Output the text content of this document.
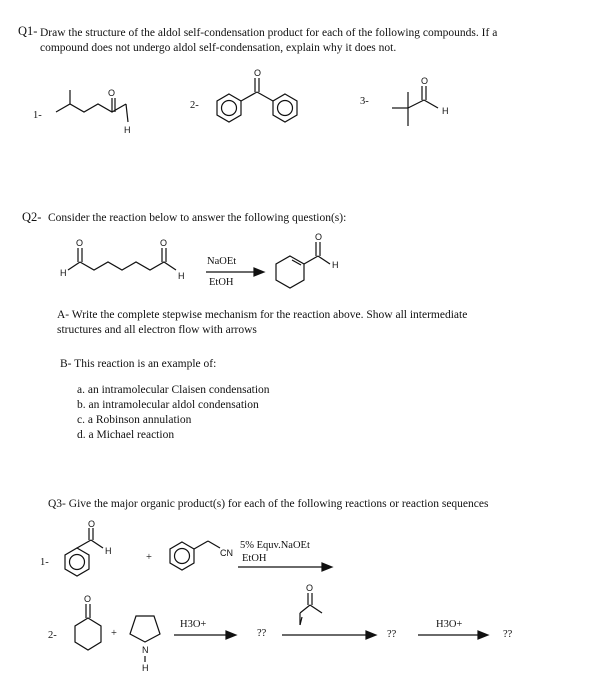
Q1- Draw the structure of the aldol self-condensation product for each of the following compounds. If a
compound does not undergo aldol self-condensation, explain why it does not.
1-
O
H
2-
O
3-
O
H
Q2- Consider the reaction below to answer the following question(s):
H
O	O
H
NaOEt
EtOH
O
H
A- Write the complete stepwise mechanism for the reaction above. Show all intermediate
structures and all electron flow with arrows
B- This reaction is an example of:
a. an intramolecular Claisen condensation
b. an intramolecular aldol condensation
c. a Robinson annulation
d. a Michael reaction
Q3- Give the major organic product(s) for each of the following reactions or reaction sequences
1-
O
H
+	CN
5% Equv.NaOEt
EtOH
2-
O
+
N
H
H3O+
??
O
??
H3O+
??
